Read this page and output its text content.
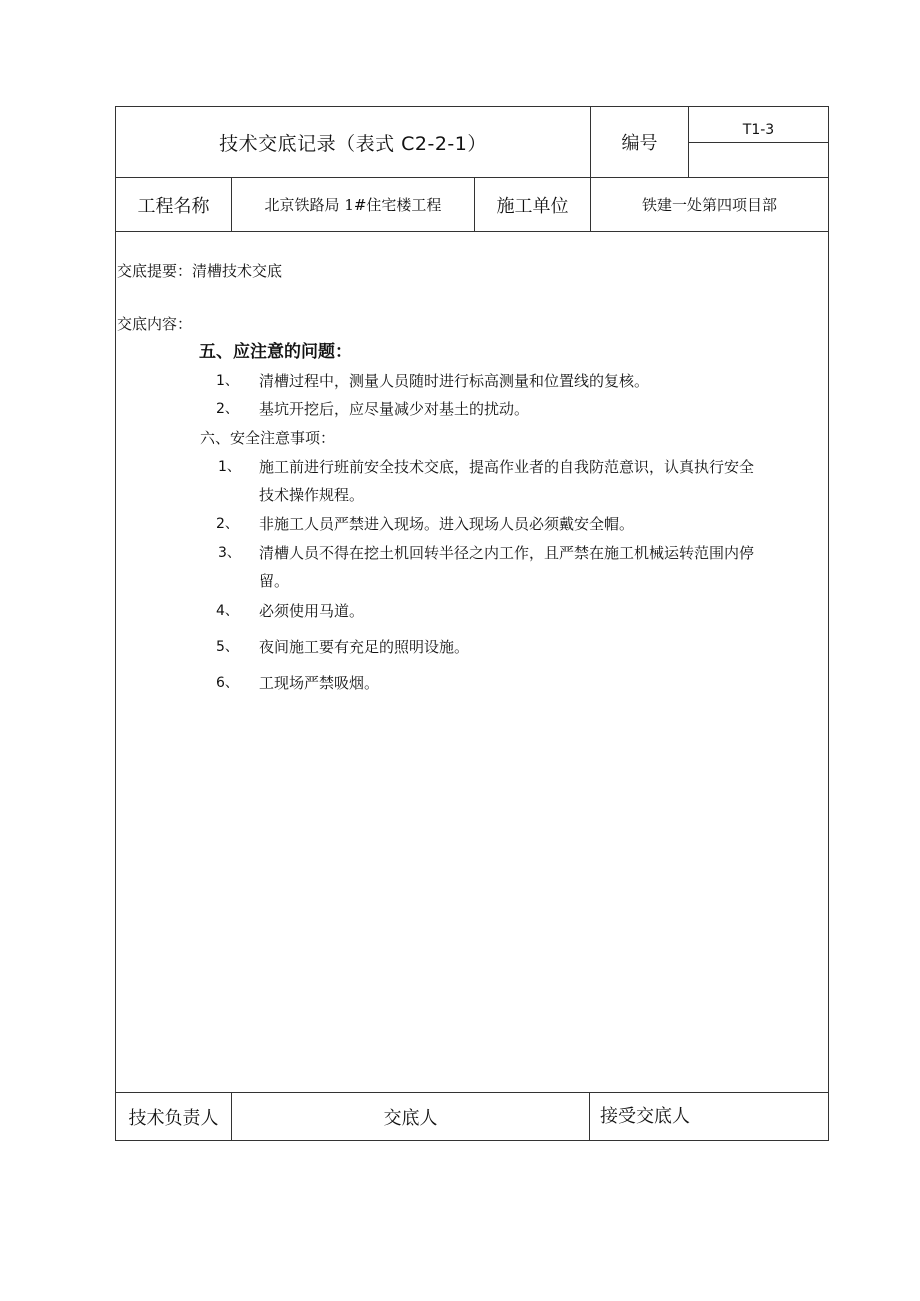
技术交底记录（表式 C2-2-1）	编号
T1-3
工程名称	北京铁路局 1#住宅楼工程	施工单位	铁建一处第四项目部
交底提要：清槽技术交底
交底内容：
五、应注意的问题：
1、 清槽过程中，测量人员随时进行标高测量和位置线的复核。
2、 基坑开挖后，应尽量减少对基土的扰动。
六、安全注意事项：
1、 施工前进行班前安全技术交底，提高作业者的自我防范意识，认真执行安全
技术操作规程。
2、 非施工人员严禁进入现场。进入现场人员必须戴安全帽。
3、 清槽人员不得在挖土机回转半径之内工作，且严禁在施工机械运转范围内停
留。
4、 必须使用马道。
5、 夜间施工要有充足的照明设施。
6、 工现场严禁吸烟。
技术负责人	交底人	接受交底人
